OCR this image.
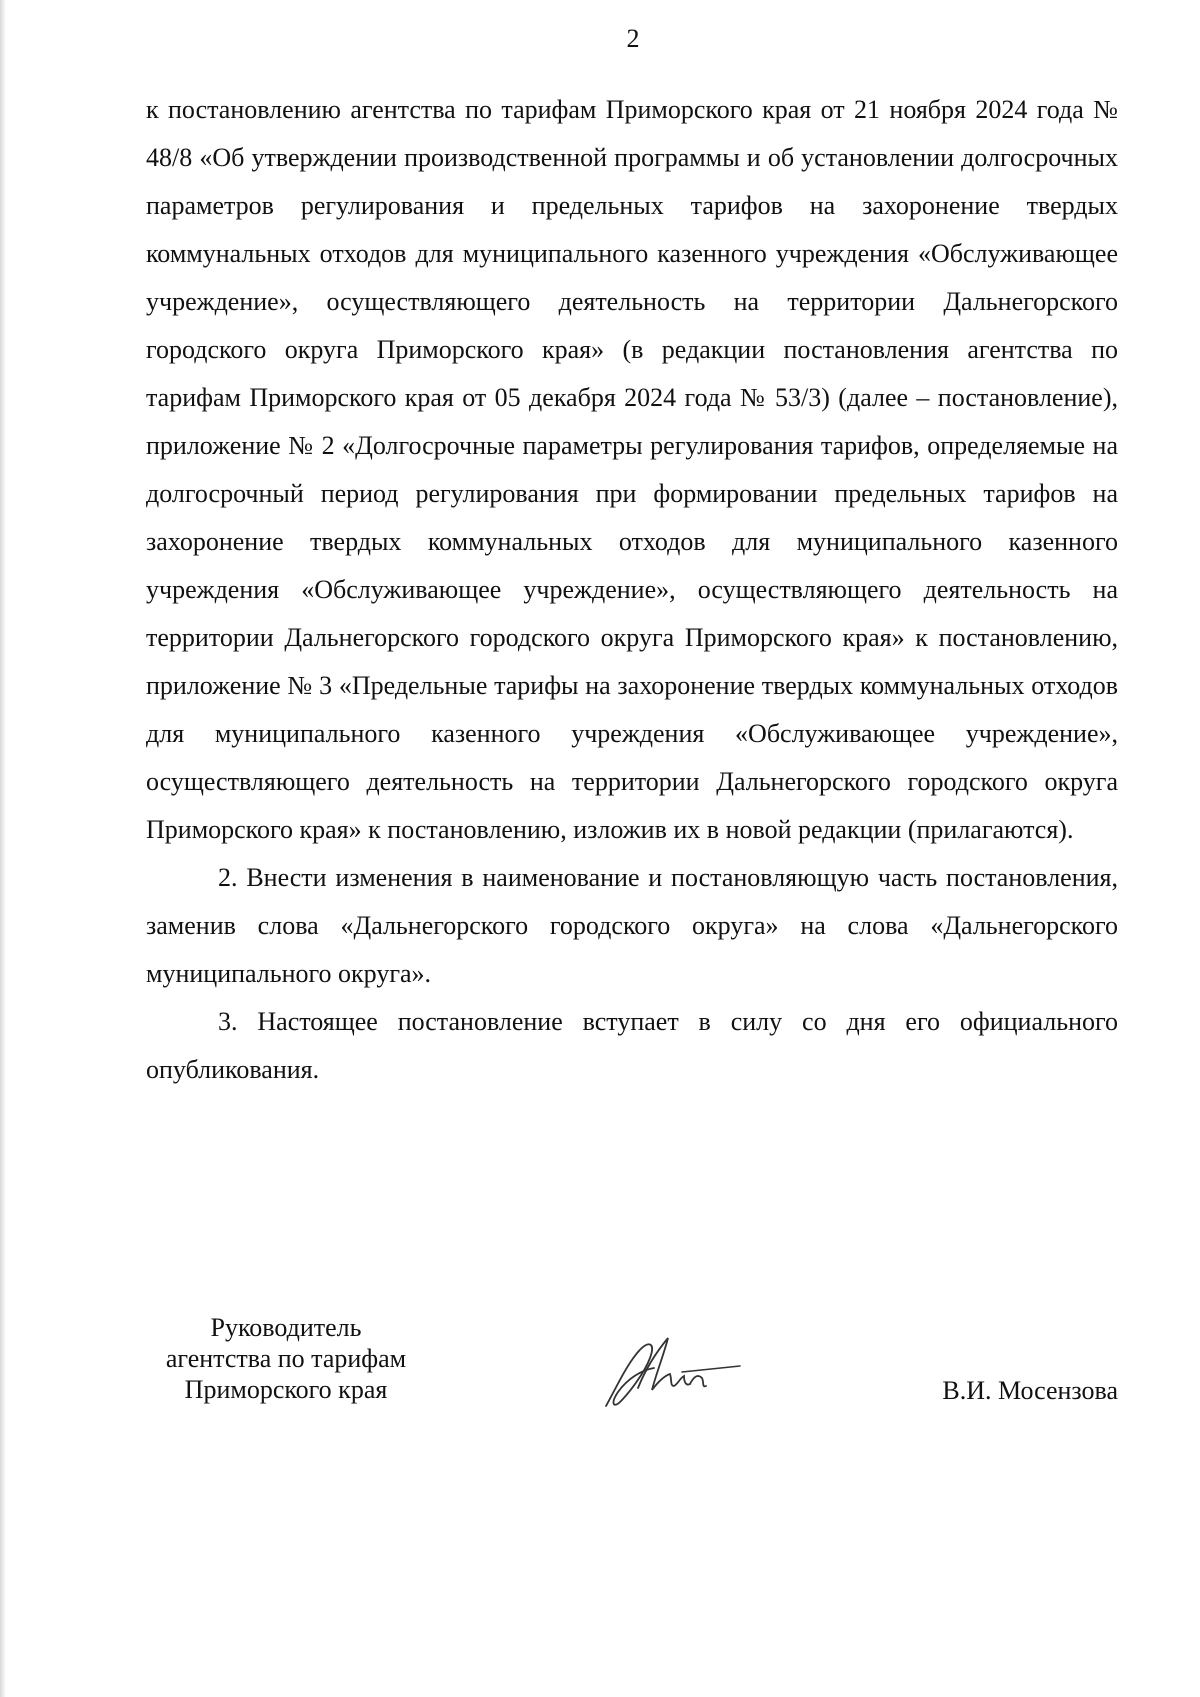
2

к постановлению агентства по тарифам Приморского края от 21 ноября 2024 года № 48/8 «Об утверждении производственной программы и об установлении долгосрочных параметров регулирования и предельных тарифов на захоронение твердых коммунальных отходов для муниципального казенного учреждения «Обслуживающее учреждение», осуществляющего деятельность на территории Дальнегорского городского округа Приморского края» (в редакции постановления агентства по тарифам Приморского края от 05 декабря 2024 года № 53/3) (далее – постановление), приложение № 2 «Долгосрочные параметры регулирования тарифов, определяемые на долгосрочный период регулирования при формировании предельных тарифов на захоронение твердых коммунальных отходов для муниципального казенного учреждения «Обслуживающее учреждение», осуществляющего деятельность на территории Дальнегорского городского округа Приморского края» к постановлению, приложение № 3 «Предельные тарифы на захоронение твердых коммунальных отходов для муниципального казенного учреждения «Обслуживающее учреждение», осуществляющего деятельность на территории Дальнегорского городского округа Приморского края» к постановлению, изложив их в новой редакции (прилагаются).

2. Внести изменения в наименование и постановляющую часть постановления, заменив слова «Дальнегорского городского округа» на слова «Дальнегорского муниципального округа».

3. Настоящее постановление вступает в силу со дня его официального опубликования.

Руководитель
агентства по тарифам
Приморского края	В.И. Мосензова
